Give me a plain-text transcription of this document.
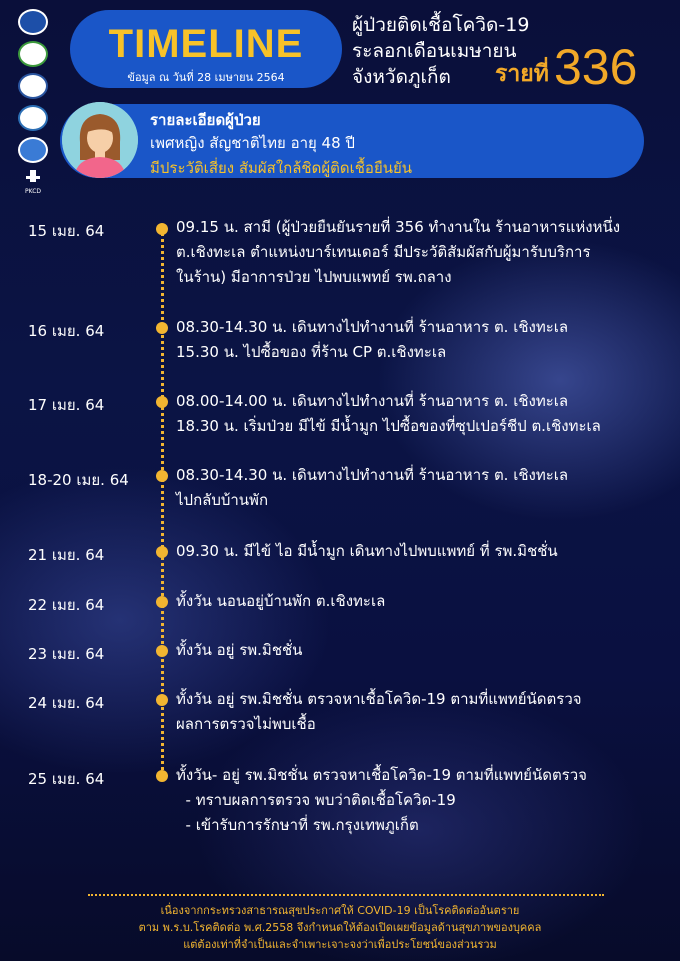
PKCD
TIMELINE
ข้อมูล ณ วันที่ 28 เมษายน 2564
ผู้ป่วยติดเชื้อโควิด-19
ระลอกเดือนเมษายน
จังหวัดภูเก็ต	รายที่ 336
รายละเอียดผู้ป่วย
เพศหญิง สัญชาติไทย อายุ 48 ปี
มีประวัติเสี่ยง สัมผัสใกล้ชิดผู้ติดเชื้อยืนยัน
15 เมย. 64	09.15 น. สามี (ผู้ป่วยยืนยันรายที่ 356 ทำงานใน ร้านอาหารแห่งหนึ่ง
ต.เชิงทะเล ตำแหน่งบาร์เทนเดอร์ มีประวัติสัมผัสกับผู้มารับบริการ
ในร้าน) มีอาการป่วย ไปพบแพทย์ รพ.ถลาง
16 เมย. 64	08.30-14.30 น. เดินทางไปทำงานที่ ร้านอาหาร ต. เชิงทะเล
15.30 น. ไปซื้อของ ที่ร้าน CP ต.เชิงทะเล
17 เมย. 64	08.00-14.00 น. เดินทางไปทำงานที่ ร้านอาหาร ต. เชิงทะเล
18.30 น. เริ่มป่วย มีไข้ มีน้ำมูก ไปซื้อของที่ซุปเปอร์ชีป ต.เชิงทะเล
18-20 เมย. 64	08.30-14.30 น. เดินทางไปทำงานที่ ร้านอาหาร ต. เชิงทะเล
ไปกลับบ้านพัก
21 เมย. 64	09.30 น. มีไข้ ไอ มีน้ำมูก เดินทางไปพบแพทย์ ที่ รพ.มิชชั่น
22 เมย. 64	ทั้งวัน นอนอยู่บ้านพัก ต.เชิงทะเล
23 เมย. 64	ทั้งวัน อยู่ รพ.มิชชั่น
24 เมย. 64	ทั้งวัน อยู่ รพ.มิชชั่น ตรวจหาเชื้อโควิด-19 ตามที่แพทย์นัดตรวจ
ผลการตรวจไม่พบเชื้อ
25 เมย. 64	ทั้งวัน- อยู่ รพ.มิชชั่น ตรวจหาเชื้อโควิด-19 ตามที่แพทย์นัดตรวจ
- ทราบผลการตรวจ พบว่าติดเชื้อโควิด-19
- เข้ารับการรักษาที่ รพ.กรุงเทพภูเก็ต
เนื่องจากกระทรวงสาธารณสุขประกาศให้ COVID-19 เป็นโรคติดต่ออันตราย
ตาม พ.ร.บ.โรคติดต่อ พ.ศ.2558 จึงกำหนดให้ต้องเปิดเผยข้อมูลด้านสุขภาพของบุคคล
แต่ต้องเท่าที่จำเป็นและจำเพาะเจาะจงว่าเพื่อประโยชน์ของส่วนรวม
